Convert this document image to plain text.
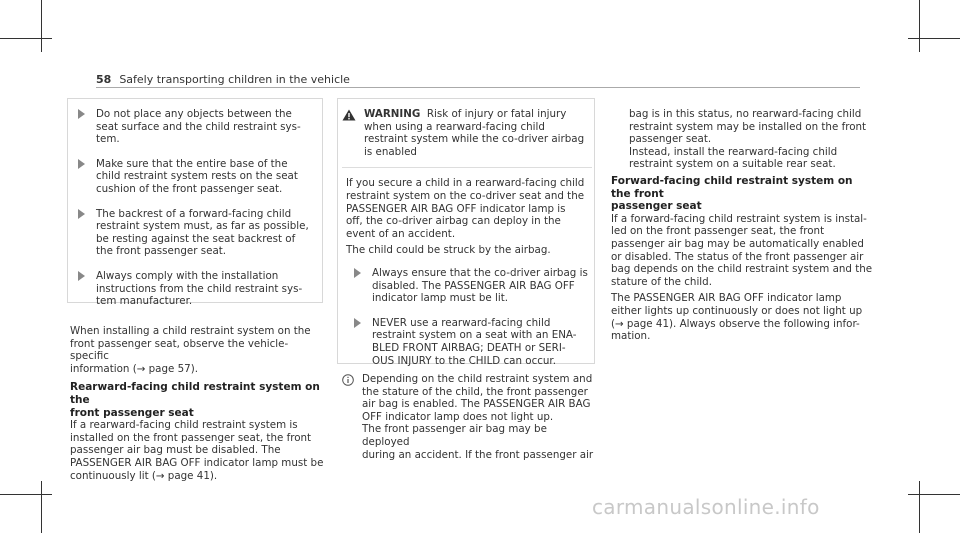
58 Safely transporting children in the vehicle

Do not place any objects between the

seat surface and the child restraint sys-

tem.

Make sure that the entire base of the

child restraint system rests on the seat

cushion of the front passenger seat.

The backrest of a forward-facing child

restraint system must, as far as possible,

be resting against the seat backrest of

the front passenger seat.

Always comply with the installation

instructions from the child restraint sys-

tem manufacturer.

When installing a child restraint system on the

front passenger seat, observe the vehicle-specific

information (→ page 57).

Rearward-facing child restraint system on the
front passenger seat

If a rearward-facing child restraint system is

installed on the front passenger seat, the front

passenger air bag must be disabled. The

PASSENGER AIR BAG OFF indicator lamp must be

continuously lit (→ page 41).

WARNING Risk of injury or fatal injury

when using a rearward-facing child

restraint system while the co-driver airbag

is enabled

If you secure a child in a rearward-facing child

restraint system on the co-driver seat and the

PASSENGER AIR BAG OFF indicator lamp is

off, the co-driver airbag can deploy in the

event of an accident.

The child could be struck by the airbag.

Always ensure that the co-driver airbag is

disabled. The PASSENGER AIR BAG OFF

indicator lamp must be lit.

NEVER use a rearward-facing child

restraint system on a seat with an ENA-

BLED FRONT AIRBAG; DEATH or SERI-

OUS INJURY to the CHILD can occur.

Depending on the child restraint system and

the stature of the child, the front passenger

air bag is enabled. The PASSENGER AIR BAG

OFF indicator lamp does not light up.

The front passenger air bag may be deployed

during an accident. If the front passenger air

bag is in this status, no rearward-facing child

restraint system may be installed on the front

passenger seat.

Instead, install the rearward-facing child

restraint system on a suitable rear seat.

Forward-facing child restraint system on the front
passenger seat

If a forward-facing child restraint system is instal-

led on the front passenger seat, the front

passenger air bag may be automatically enabled

or disabled. The status of the front passenger air

bag depends on the child restraint system and the

stature of the child.

The PASSENGER AIR BAG OFF indicator lamp

either lights up continuously or does not light up

(→ page 41). Always observe the following infor-

mation.

carmanualsonline.info
